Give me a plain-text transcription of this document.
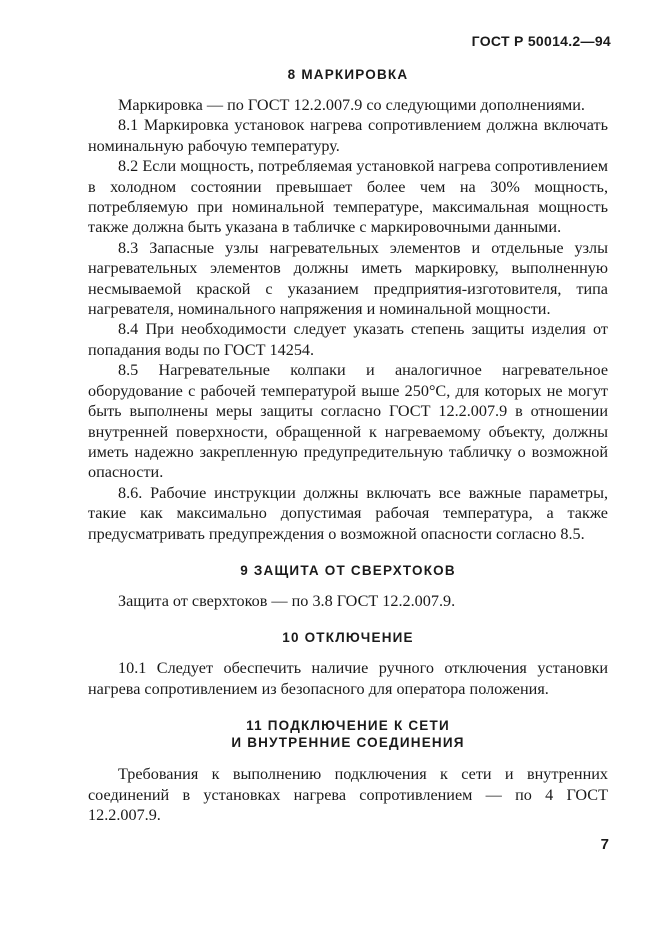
ГОСТ Р 50014.2—94
8 МАРКИРОВКА

Маркировка — по ГОСТ 12.2.007.9 со следующими дополнениями.

8.1 Маркировка установок нагрева сопротивлением должна включать номинальную рабочую температуру.

8.2 Если мощность, потребляемая установкой нагрева сопротивлением в холодном состоянии превышает более чем на 30% мощность, потребляемую при номинальной температуре, максимальная мощность также должна быть указана в табличке с маркировочными данными.

8.3 Запасные узлы нагревательных элементов и отдельные узлы нагревательных элементов должны иметь маркировку, выполненную несмываемой краской с указанием предприятия-изготовителя, типа нагревателя, номинального напряжения и номинальной мощности.

8.4 При необходимости следует указать степень защиты изделия от попадания воды по ГОСТ 14254.

8.5 Нагревательные колпаки и аналогичное нагревательное оборудование с рабочей температурой выше 250°С, для которых не могут быть выполнены меры защиты согласно ГОСТ 12.2.007.9 в отношении внутренней поверхности, обращенной к нагреваемому объекту, должны иметь надежно закрепленную предупредительную табличку о возможной опасности.

8.6. Рабочие инструкции должны включать все важные параметры, такие как максимально допустимая рабочая температура, а также предусматривать предупреждения о возможной опасности согласно 8.5.

9 ЗАЩИТА ОТ СВЕРХТОКОВ

Защита от сверхтоков — по 3.8 ГОСТ 12.2.007.9.

10 ОТКЛЮЧЕНИЕ

10.1 Следует обеспечить наличие ручного отключения установки нагрева сопротивлением из безопасного для оператора положения.

11 ПОДКЛЮЧЕНИЕ К СЕТИ
И ВНУТРЕННИЕ СОЕДИНЕНИЯ

Требования к выполнению подключения к сети и внутренних соединений в установках нагрева сопротивлением — по 4 ГОСТ 12.2.007.9.

7
